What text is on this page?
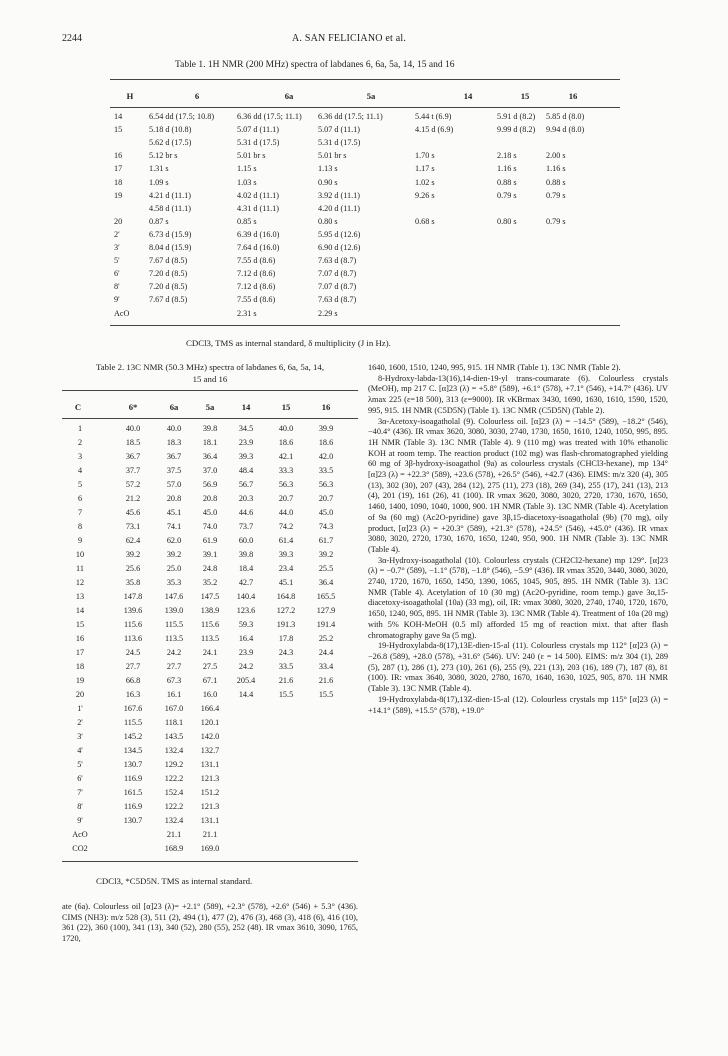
2244	A. SAN FELICIANO et al.
Table 1. 1H NMR (200 MHz) spectra of labdanes 6, 6a, 5a, 14, 15 and 16
H	6	6a	5a	14	15	16
14	6.54 dd (17.5; 10.8)	6.36 dd (17.5; 11.1) 6.36 dd (17.5; 11.1)	5.44 t (6.9)	5.91 d (8.2) 5.85 d (8.0)
15	5.18 d (10.8)	5.07 d (11.1)	5.07 d (11.1)	4.15 d (6.9)	9.99 d (8.2) 9.94 d (8.0)
5.62 d (17.5)	5.31 d (17.5)	5.31 d (17.5)
16	5.12 br s	5.01 br s	5.01 br s	1.70 s	2.18 s	2.00 s
17	1.31 s	1.15 s	1.13 s	1.17 s	1.16 s	1.16 s
18	1.09 s	1.03 s	0.90 s	1.02 s	0.88 s	0.88 s
19	4.21 d (11.1)	4.02 d (11.1)	3.92 d (11.1)	9.26 s	0.79 s	0.79 s
4.58 d (11.1)	4.31 d (11.1)	4.20 d (11.1)
20	0.87 s	0.85 s	0.80 s	0.68 s	0.80 s	0.79 s
2'	6.73 d (15.9)	6.39 d (16.0)	5.95 d (12.6)
3'	8.04 d (15.9)	7.64 d (16.0)	6.90 d (12.6)
5'	7.67 d (8.5)	7.55 d (8.6)	7.63 d (8.7)
6'	7.20 d (8.5)	7.12 d (8.6)	7.07 d (8.7)
8'	7.20 d (8.5)	7.12 d (8.6)	7.07 d (8.7)
9'	7.67 d (8.5)	7.55 d (8.6)	7.63 d (8.7)
AcO	2.31 s	2.29 s
CDCl3, TMS as internal standard, δ multiplicity (J in Hz).
Table 2. 13C NMR (50.3 MHz) spectra of labdanes 6, 6a, 5a, 14,
15 and 16
C	6*	6a	5a	14	15	16
1	40.0	40.0	39.8	34.5	40.0	39.9
2	18.5	18.3	18.1	23.9	18.6	18.6
3	36.7	36.7	36.4	39.3	42.1	42.0
4	37.7	37.5	37.0	48.4	33.3	33.5
5	57.2	57.0	56.9	56.7	56.3	56.3
6	21.2	20.8	20.8	20.3	20.7	20.7
7	45.6	45.1	45.0	44.6	44.0	45.0
8	73.1	74.1	74.0	73.7	74.2	74.3
9	62.4	62.0	61.9	60.0	61.4	61.7
10	39.2	39.2	39.1	39.8	39.3	39.2
11	25.6	25.0	24.8	18.4	23.4	25.5
12	35.8	35.3	35.2	42.7	45.1	36.4
13	147.8	147.6 147.5 140.4	164.8	165.5
14	139.6	139.0 138.9 123.6	127.2	127.9
15	115.6	115.5 115.6 59.3	191.3	191.4
16	113.6	113.5 113.5 16.4	17.8	25.2
17	24.5	24.2	24.1	23.9	24.3	24.4
18	27.7	27.7	27.5	24.2	33.5	33.4
19	66.8	67.3	67.1 205.4	21.6	21.6
20	16.3	16.1	16.0	14.4	15.5	15.5
1'	167.6	167.0 166.4
2'	115.5	118.1 120.1
3'	145.2	143.5 142.0
4'	134.5	132.4 132.7
5'	130.7	129.2 131.1
6'	116.9	122.2 121.3
7'	161.5	152.4 151.2
8'	116.9	122.2 121.3
9'	130.7	132.4 131.1
AcO	21.1	21.1
CO2	168.9 169.0
CDCl3, *C5D5N. TMS as internal standard.

ate (6a). Colourless oil [α]23 (λ)= +2.1° (589), +2.3° (578), +2.6° (546) + 5.3° (436). CIMS (NH3): m/z 528 (3), 511 (2), 494 (1), 477 (2), 476 (3), 468 (3), 418 (6), 416 (10), 361 (22), 360 (100), 341 (13), 340 (52), 280 (55), 252 (48). IR νmax 3610, 3090, 1765, 1720,

1640, 1600, 1510, 1240, 995, 915. 1H NMR (Table 1). 13C NMR (Table 2).

8-Hydroxy-labda-13(16),14-dien-19-yl trans-coumarate (6). Colourless crystals (MeOH), mp 217 C. [α]23 (λ) = +5.8° (589), +6.1° (578), +7.1° (546), +14.7° (436). UV λmax 225 (ε=18 500), 313 (ε=9000). IR νKBrmax 3430, 1690, 1630, 1610, 1590, 1520, 995, 915. 1H NMR (C5D5N) (Table 1). 13C NMR (C5D5N) (Table 2).

3α-Acetoxy-isoagatholal (9). Colourless oil. [α]23 (λ) = −14.5° (589), −18.2° (546), −40.4° (436). IR νmax 3620, 3080, 3030, 2740, 1730, 1650, 1610, 1240, 1050, 995, 895. 1H NMR (Table 3). 13C NMR (Table 4). 9 (110 mg) was treated with 10% ethanolic KOH at room temp. The reaction product (102 mg) was flash-chromatographed yielding 60 mg of 3β-hydroxy-isoagathol (9a) as colourless crystals (CHCl3-hexane), mp 134° [α]23 (λ) = +22.3° (589), +23.6 (578), +26.5° (546), +42.7 (436). EIMS: m/z 320 (4), 305 (13), 302 (30), 207 (43), 284 (12), 275 (11), 273 (18), 269 (34), 255 (17), 241 (13), 213 (4), 201 (19), 161 (26), 41 (100). IR νmax 3620, 3080, 3020, 2720, 1730, 1670, 1650, 1460, 1400, 1090, 1040, 1000, 900. 1H NMR (Table 3). 13C NMR (Table 4). Acetylation of 9a (60 mg) (Ac2O-pyridine) gave 3β,15-diacetoxy-isoagatholal (9b) (70 mg), oily product, [α]23 (λ) = +20.3° (589), +21.3° (578), +24.5° (546), +45.0° (436). IR νmax 3080, 3020, 2720, 1730, 1670, 1650, 1240, 950, 900. 1H NMR (Table 3). 13C NMR (Table 4).

3α-Hydroxy-isoagatholal (10). Colourless crystals (CH2Cl2-hexane) mp 129°. [α]23 (λ) = −0.7° (589), −1.1° (578), −1.8° (546), −5.9° (436). IR νmax 3520, 3440, 3080, 3020, 2740, 1720, 1670, 1650, 1450, 1390, 1065, 1045, 905, 895. 1H NMR (Table 3). 13C NMR (Table 4). Acetylation of 10 (30 mg) (Ac2O-pyridine, room temp.) gave 3α,15-diacetoxy-isoagatholal (10a) (33 mg), oil, IR: νmax 3080, 3020, 2740, 1740, 1720, 1670, 1650, 1240, 905, 895. 1H NMR (Table 3). 13C NMR (Table 4). Treatment of 10a (20 mg) with 5% KOH-MeOH (0.5 ml) afforded 15 mg of reaction mixt. that after flash chromatography gave 9a (5 mg).

19-Hydroxylabda-8(17),13E-dien-15-al (11). Colourless crystals mp 112° [α]23 (λ) = −26.8 (589), +28.0 (578), +31.6° (546). UV: 240 (ε = 14 500). EIMS: m/z 304 (1), 289 (5), 287 (1), 286 (1), 273 (10), 261 (6), 255 (9), 221 (13), 203 (16), 189 (7), 187 (8), 81 (100). IR: νmax 3640, 3080, 3020, 2780, 1670, 1640, 1630, 1025, 905, 870. 1H NMR (Table 3). 13C NMR (Table 4).

19-Hydroxylabda-8(17),13Z-dien-15-al (12). Colourless crystals mp 115° [α]23 (λ) = +14.1° (589), +15.5° (578), +19.0°
